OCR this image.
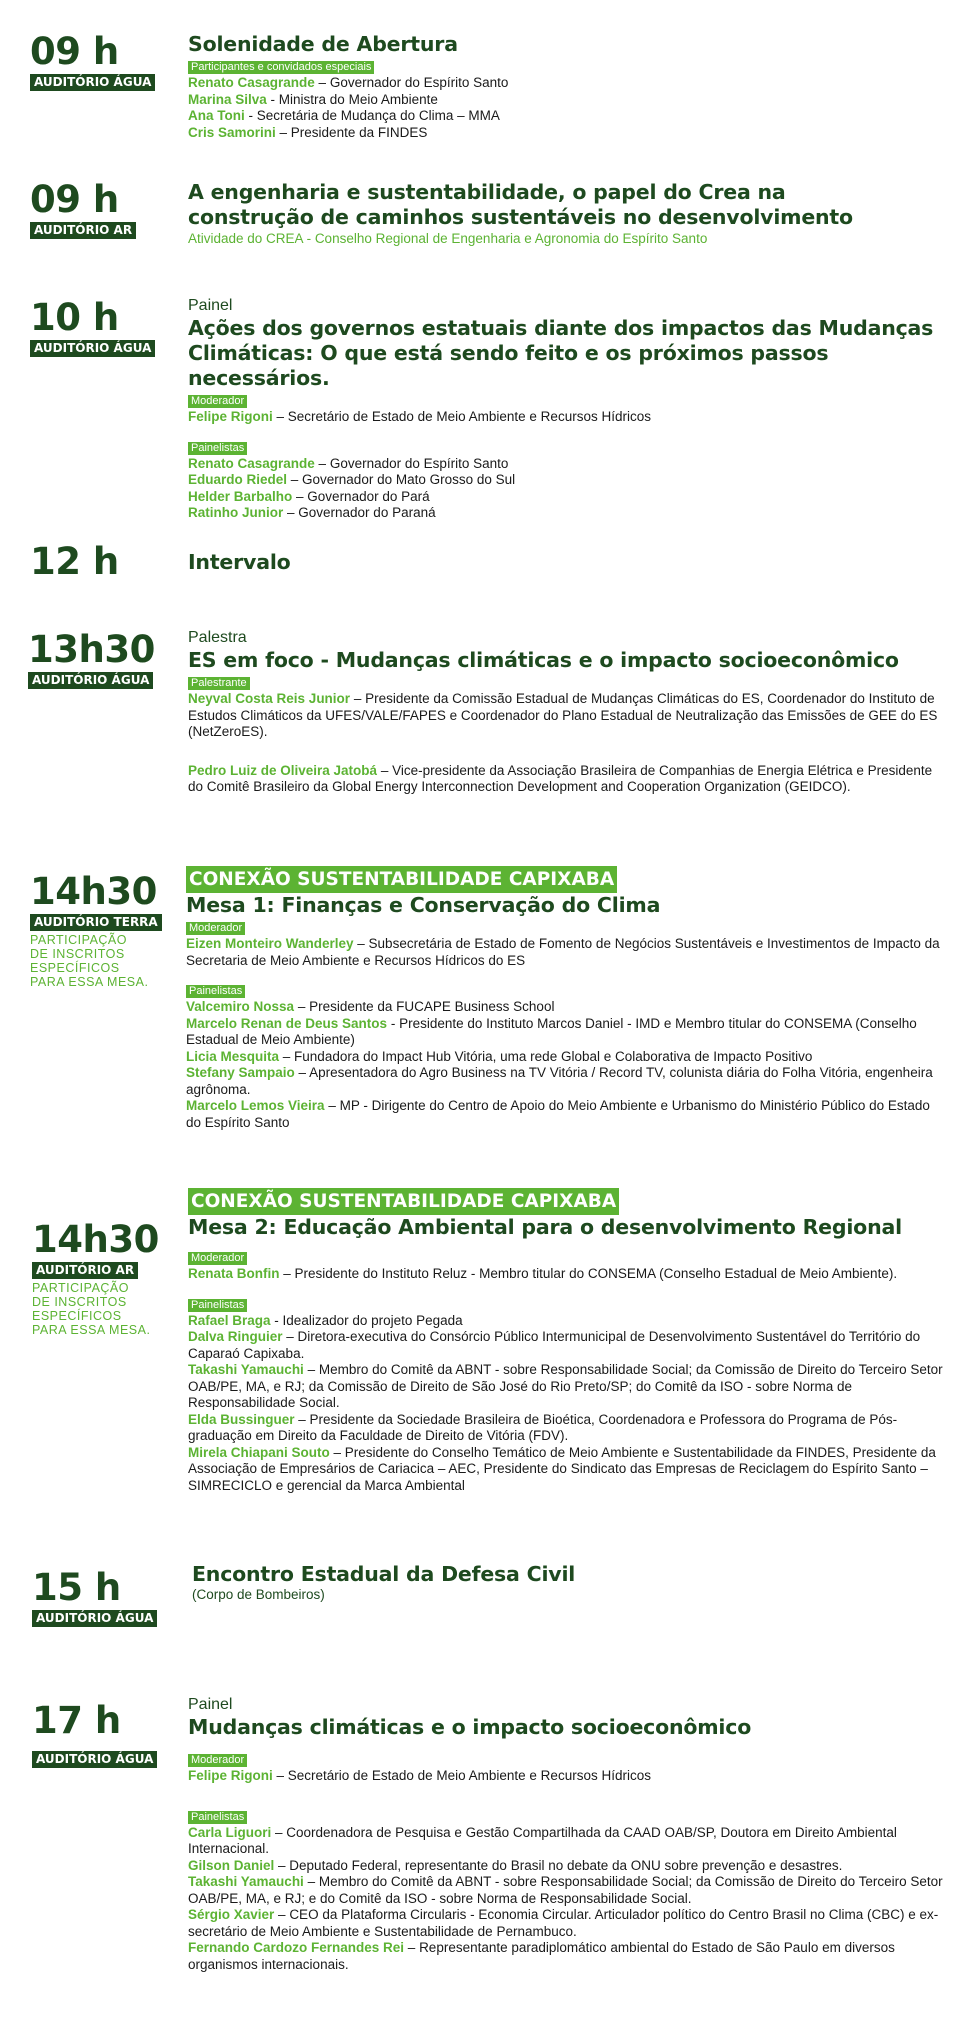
09 h
AUDITÓRIO ÁGUA
Solenidade de Abertura
Participantes e convidados especiais
Renato Casagrande – Governador do Espírito Santo
Marina Silva - Ministra do Meio Ambiente
Ana Toni - Secretária de Mudança do Clima – MMA
Cris Samorini – Presidente da FINDES
09 h
AUDITÓRIO AR
A engenharia e sustentabilidade, o papel do Crea na
construção de caminhos sustentáveis no desenvolvimento
Atividade do CREA - Conselho Regional de Engenharia e Agronomia do Espírito Santo
10 h
AUDITÓRIO ÁGUA
Painel
Ações dos governos estatuais diante dos impactos das Mudanças
Climáticas: O que está sendo feito e os próximos passos necessários.
Moderador
Felipe Rigoni – Secretário de Estado de Meio Ambiente e Recursos Hídricos
Painelistas
Renato Casagrande – Governador do Espírito Santo
Eduardo Riedel – Governador do Mato Grosso do Sul
Helder Barbalho – Governador do Pará
Ratinho Junior – Governador do Paraná
12 h	Intervalo
13h30
AUDITÓRIO ÁGUA
Palestra
ES em foco - Mudanças climáticas e o impacto socioeconômico
Palestrante
Neyval Costa Reis Junior – Presidente da Comissão Estadual de Mudanças Climáticas do ES, Coordenador do Instituto de Estudos Climáticos da UFES/VALE/FAPES e Coordenador do Plano Estadual de Neutralização das Emissões de GEE do ES (NetZeroES).
Pedro Luiz de Oliveira Jatobá – Vice-presidente da Associação Brasileira de Companhias de Energia Elétrica e Presidente do Comitê Brasileiro da Global Energy Interconnection Development and Cooperation Organization (GEIDCO).
14h30
AUDITÓRIO TERRA
PARTICIPAÇÃO
DE INSCRITOS
ESPECÍFICOS
PARA ESSA MESA.
CONEXÃO SUSTENTABILIDADE CAPIXABA
Mesa 1: Finanças e Conservação do Clima
Moderador
Eizen Monteiro Wanderley – Subsecretária de Estado de Fomento de Negócios Sustentáveis e Investimentos de Impacto da Secretaria de Meio Ambiente e Recursos Hídricos do ES
Painelistas
Valcemiro Nossa – Presidente da FUCAPE Business School
Marcelo Renan de Deus Santos - Presidente do Instituto Marcos Daniel - IMD e Membro titular do CONSEMA (Conselho Estadual de Meio Ambiente)
Licia Mesquita – Fundadora do Impact Hub Vitória, uma rede Global e Colaborativa de Impacto Positivo
Stefany Sampaio – Apresentadora do Agro Business na TV Vitória / Record TV, colunista diária do Folha Vitória, engenheira agrônoma.
Marcelo Lemos Vieira – MP - Dirigente do Centro de Apoio do Meio Ambiente e Urbanismo do Ministério Público do Estado do Espírito Santo
14h30
AUDITÓRIO AR
PARTICIPAÇÃO
DE INSCRITOS
ESPECÍFICOS
PARA ESSA MESA.
CONEXÃO SUSTENTABILIDADE CAPIXABA
Mesa 2: Educação Ambiental para o desenvolvimento Regional
Moderador
Renata Bonfin – Presidente do Instituto Reluz - Membro titular do CONSEMA (Conselho Estadual de Meio Ambiente).
Painelistas
Rafael Braga - Idealizador do projeto Pegada
Dalva Ringuier – Diretora-executiva do Consórcio Público Intermunicipal de Desenvolvimento Sustentável do Território do Caparaó Capixaba.
Takashi Yamauchi – Membro do Comitê da ABNT - sobre Responsabilidade Social; da Comissão de Direito do Terceiro Setor OAB/PE, MA, e RJ; da Comissão de Direito de São José do Rio Preto/SP; do Comitê da ISO - sobre Norma de Responsabilidade Social.
Elda Bussinguer – Presidente da Sociedade Brasileira de Bioética, Coordenadora e Professora do Programa de Pós-graduação em Direito da Faculdade de Direito de Vitória (FDV).
Mirela Chiapani Souto – Presidente do Conselho Temático de Meio Ambiente e Sustentabilidade da FINDES, Presidente da Associação de Empresários de Cariacica – AEC, Presidente do Sindicato das Empresas de Reciclagem do Espírito Santo – SIMRECICLO e gerencial da Marca Ambiental
15 h
AUDITÓRIO ÁGUA
Encontro Estadual da Defesa Civil
(Corpo de Bombeiros)
17 h
AUDITÓRIO ÁGUA
Painel
Mudanças climáticas e o impacto socioeconômico
Moderador
Felipe Rigoni – Secretário de Estado de Meio Ambiente e Recursos Hídricos
Painelistas
Carla Liguori – Coordenadora de Pesquisa e Gestão Compartilhada da CAAD OAB/SP, Doutora em Direito Ambiental Internacional.
Gilson Daniel – Deputado Federal, representante do Brasil no debate da ONU sobre prevenção e desastres.
Takashi Yamauchi – Membro do Comitê da ABNT - sobre Responsabilidade Social; da Comissão de Direito do Terceiro Setor OAB/PE, MA, e RJ; e do Comitê da ISO - sobre Norma de Responsabilidade Social.
Sérgio Xavier – CEO da Plataforma Circularis - Economia Circular. Articulador político do Centro Brasil no Clima (CBC) e ex-secretário de Meio Ambiente e Sustentabilidade de Pernambuco.
Fernando Cardozo Fernandes Rei – Representante paradiplomático ambiental do Estado de São Paulo em diversos organismos internacionais.
